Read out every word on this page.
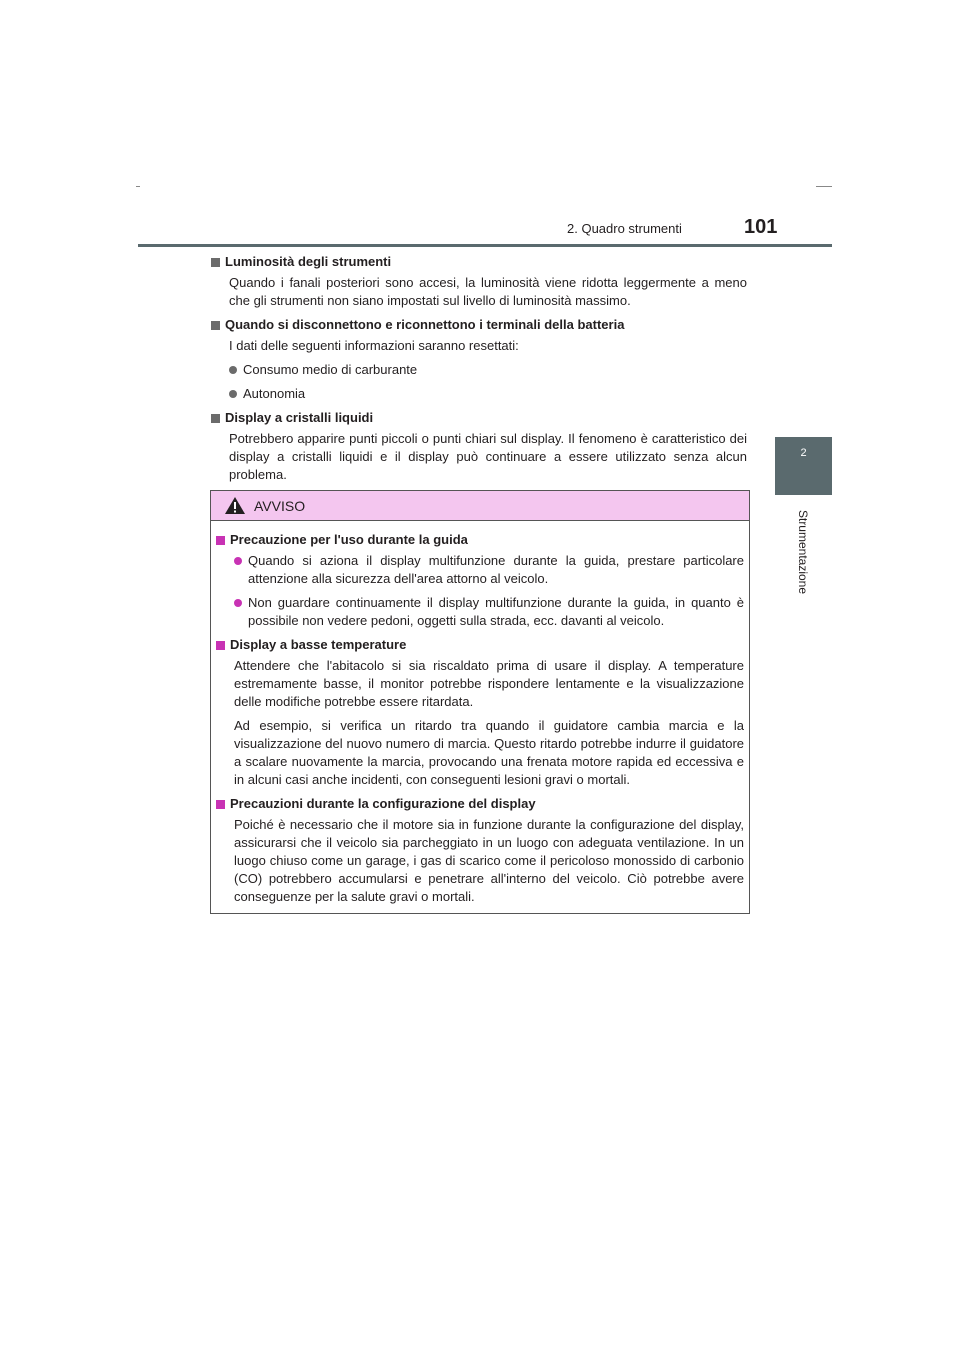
2. Quadro strumenti	101
2
Strumentazione

Luminosità degli strumenti

Quando i fanali posteriori sono accesi, la luminosità viene ridotta leggermente a meno che gli strumenti non siano impostati sul livello di luminosità massimo.

Quando si disconnettono e riconnettono i terminali della batteria

I dati delle seguenti informazioni saranno resettati:

Consumo medio di carburante
Autonomia

Display a cristalli liquidi

Potrebbero apparire punti piccoli o punti chiari sul display. Il fenomeno è caratteristico dei display a cristalli liquidi e il display può continuare a essere utilizzato senza alcun problema.

AVVISO

Precauzione per l'uso durante la guida

Quando si aziona il display multifunzione durante la guida, prestare particolare attenzione alla sicurezza dell'area attorno al veicolo.
Non guardare continuamente il display multifunzione durante la guida, in quanto è possibile non vedere pedoni, oggetti sulla strada, ecc. davanti al veicolo.

Display a basse temperature

Attendere che l'abitacolo si sia riscaldato prima di usare il display. A temperature estremamente basse, il monitor potrebbe rispondere lentamente e la visualizzazione delle modifiche potrebbe essere ritardata.

Ad esempio, si verifica un ritardo tra quando il guidatore cambia marcia e la visualizzazione del nuovo numero di marcia. Questo ritardo potrebbe indurre il guidatore a scalare nuovamente la marcia, provocando una frenata motore rapida ed eccessiva e in alcuni casi anche incidenti, con conseguenti lesioni gravi o mortali.

Precauzioni durante la configurazione del display

Poiché è necessario che il motore sia in funzione durante la configurazione del display, assicurarsi che il veicolo sia parcheggiato in un luogo con adeguata ventilazione. In un luogo chiuso come un garage, i gas di scarico come il pericoloso monossido di carbonio (CO) potrebbero accumularsi e penetrare all'interno del veicolo. Ciò potrebbe avere conseguenze per la salute gravi o mortali.
